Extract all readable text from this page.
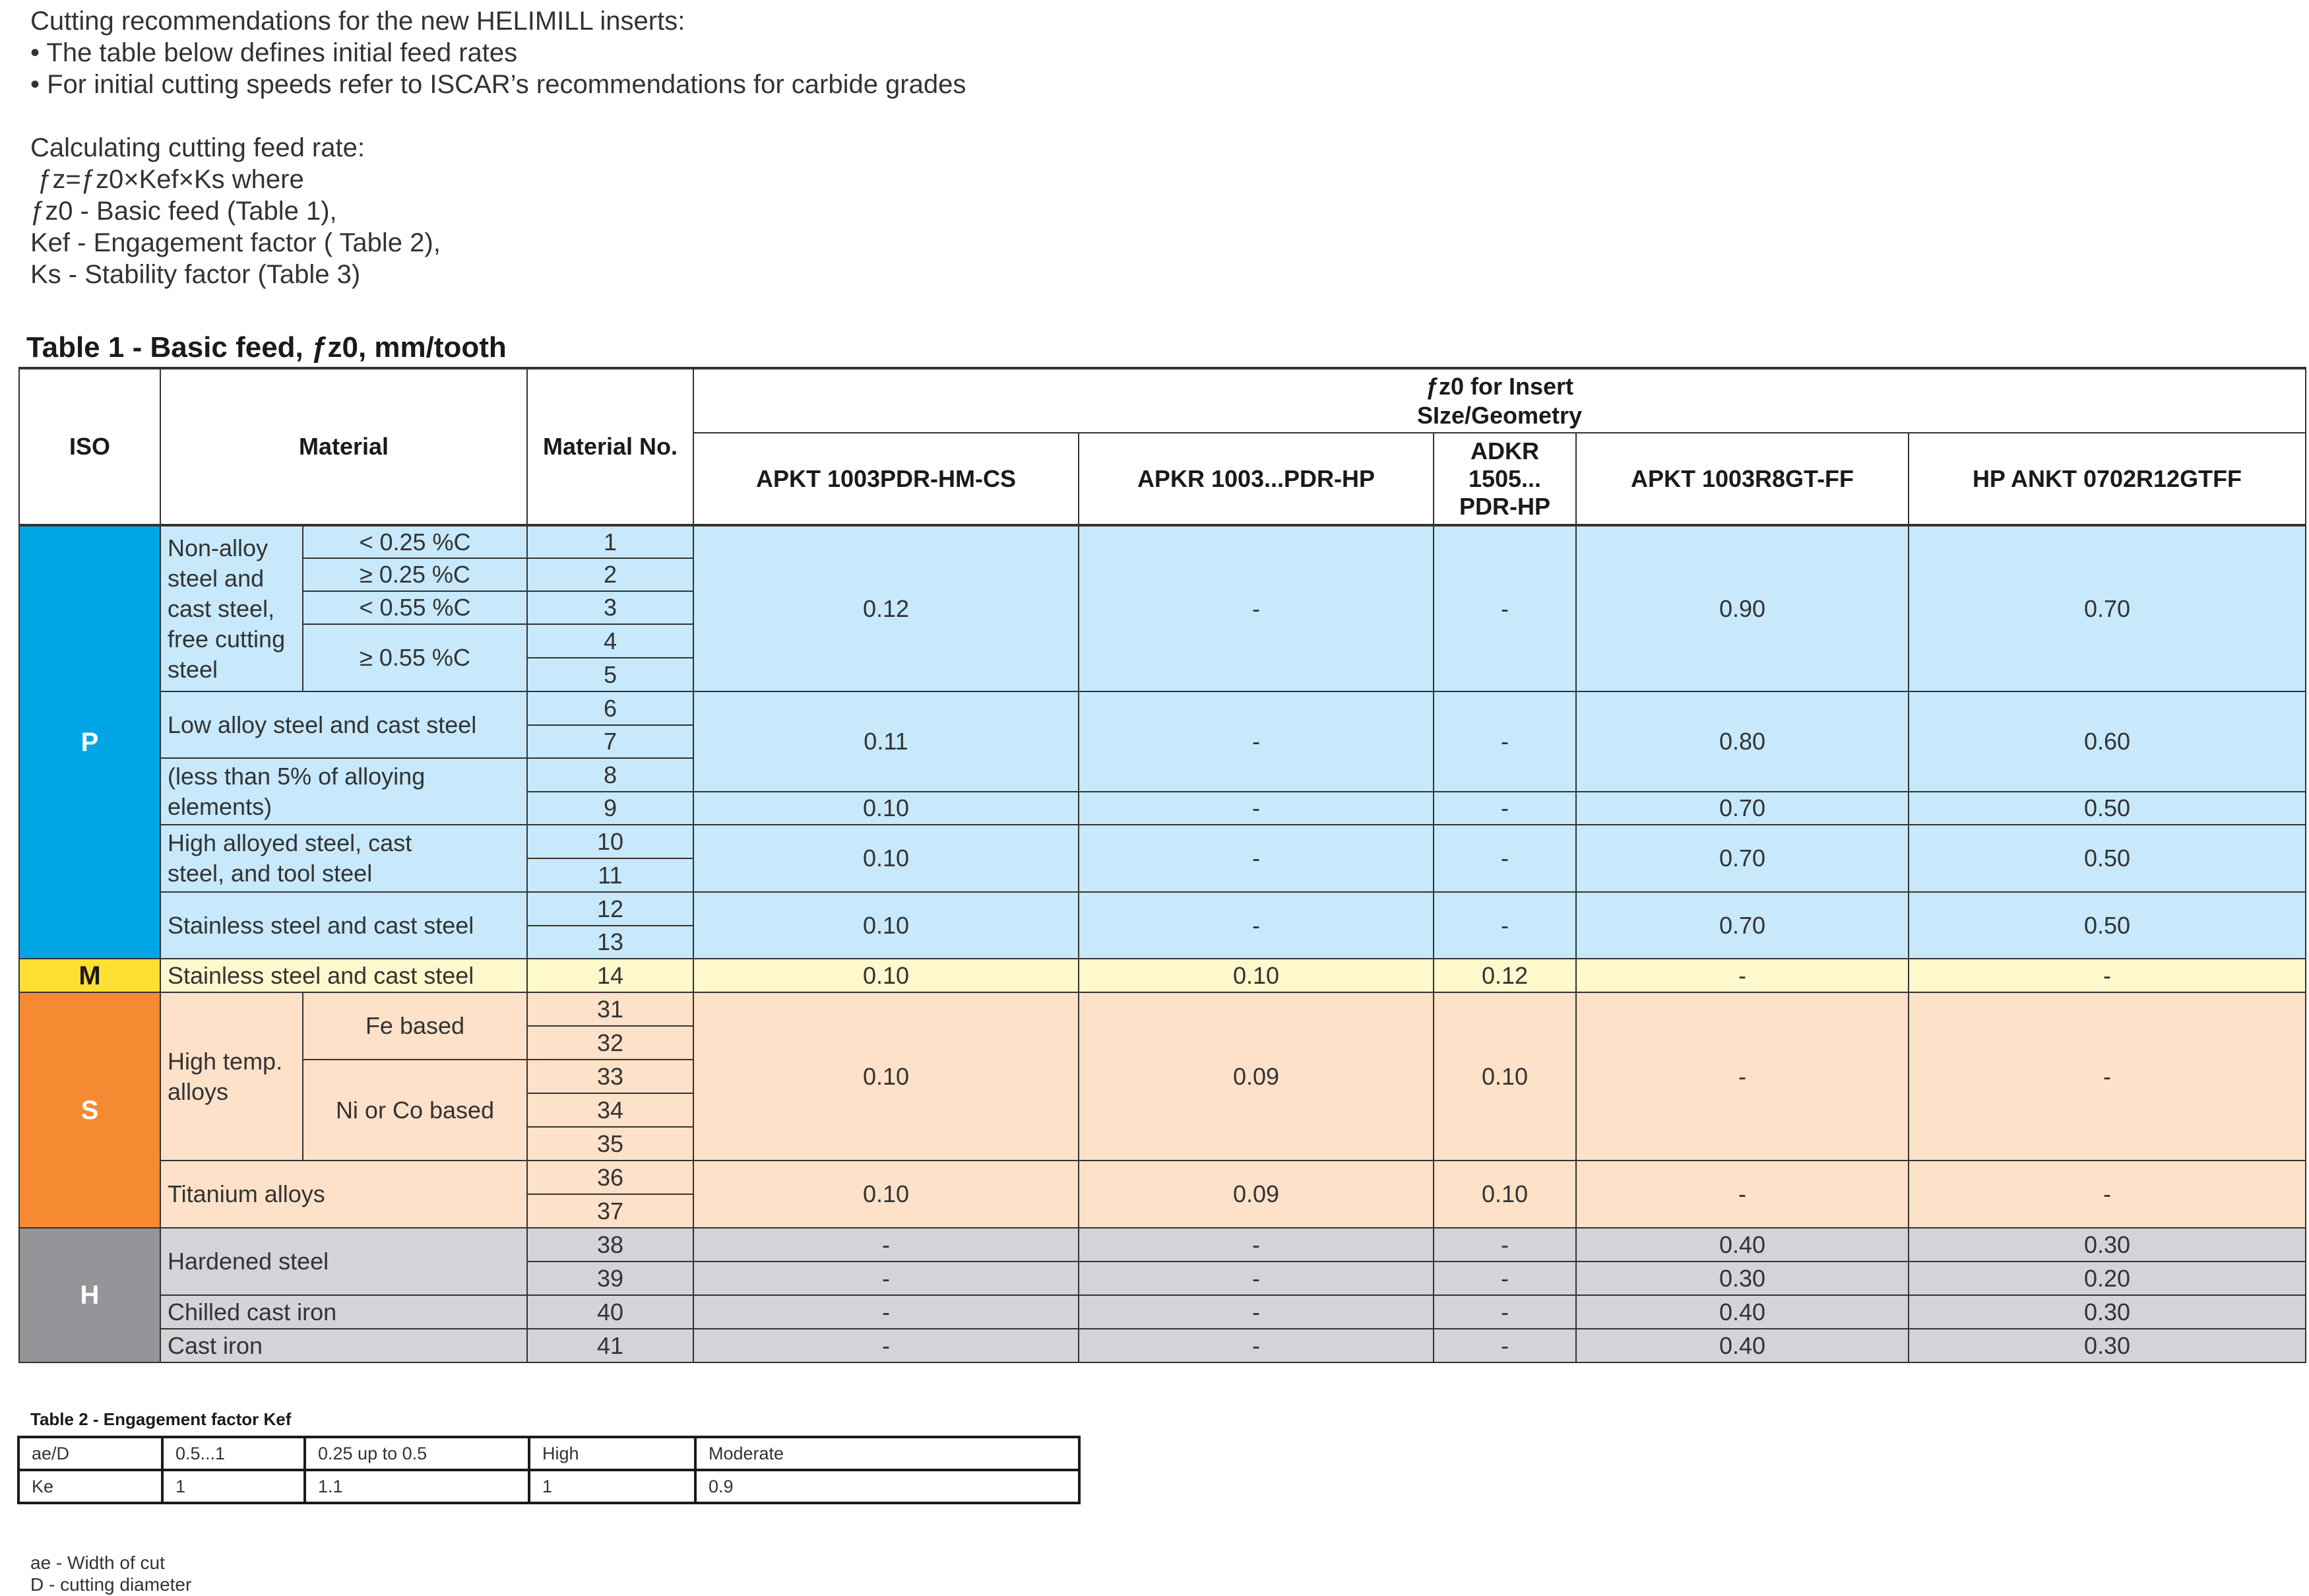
Cutting recommendations for the new HELIMILL inserts:
• The table below defines initial feed rates
• For initial cutting speeds refer to ISCAR’s recommendations for carbide grades
Calculating cutting feed rate:
ƒz=ƒz0×Kef×Ks where
ƒz0 - Basic feed (Table 1),
Kef - Engagement factor ( Table 2),
Ks - Stability factor (Table 3)
Table 1 - Basic feed, ƒz0, mm/tooth
ISO	Material		Material No.	ƒz0 for Insert
SIze/Geometry				
				APKT 1003PDR-HM-CS	APKR 1003...PDR-HP	ADKR
1505...
PDR-HP	APKT 1003R8GT-FF	HP ANKT 0702R12GTFF
P	Non-alloy
steel and
cast steel,
free cutting
steel	< 0.25 %C	1	0.12	-	-	0.90	0.70
		≥ 0.25 %C	2					
		< 0.55 %C	3					
		≥ 0.55 %C	4					
			5					
	Low alloy steel and cast steel		6	0.11	-	-	0.80	0.60
			7					
	(less than 5% of alloying elements)		8					
			9	0.10	-	-	0.70	0.50
	High alloyed steel, cast
steel, and tool steel		10	0.10	-	-	0.70	0.50
			11					
	Stainless steel and cast steel		12	0.10	-	-	0.70	0.50
			13					
M	Stainless steel and cast steel		14	0.10	0.10	0.12	-	-
S	High temp.
alloys	Fe based	31	0.10	0.09	0.10	-	-
			32					
		Ni or Co based	33					
			34					
			35					
	Titanium alloys		36	0.10	0.09	0.10	-	-
			37					
H	Hardened steel		38	-	-	-	0.40	0.30
			39	-	-	-	0.30	0.20
	Chilled cast iron		40	-	-	-	0.40	0.30
	Cast iron		41	-	-	-	0.40	0.30
Table 2 - Engagement factor Kef
ae/D	0.5...1	0.25 up to 0.5	High	Moderate
Ke	1	1.1	1	0.9
ae - Width of cut
D - cutting diameter
